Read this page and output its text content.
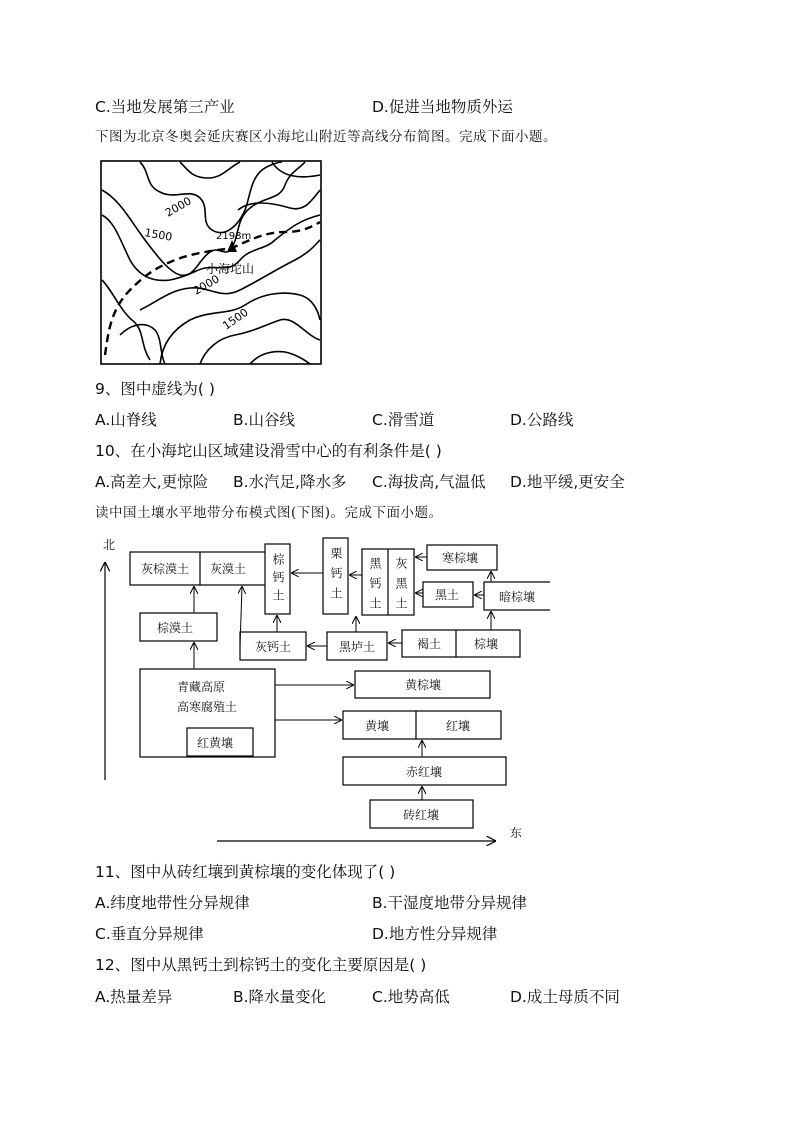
C.当地发展第三产业	D.促进当地物质外运
下图为北京冬奥会延庆赛区小海坨山附近等高线分布简图。完成下面小题。
2198m
小海坨山
2000
1500
2000
1500
9、图中虚线为( )
A.山脊线	B.山谷线	C.滑雪道	D.公路线
10、在小海坨山区域建设滑雪中心的有利条件是( )
A.高差大,更惊险 B.水汽足,降水多 C.海拔高,气温低 D.地平缓,更安全
读中国土壤水平地带分布模式图(下图)。完成下面小题。
北
东
灰棕漠土 灰漠土 棕钙土	栗钙土 黑钙土 灰黑土	寒棕壤
黑土	暗棕壤
棕漠土
灰钙土	黑垆土	褐土	棕壤
青藏高原
高寒腐殖土
红黄壤
黄棕壤
黄壤	红壤
赤红壤
砖红壤
11、图中从砖红壤到黄棕壤的变化体现了( )
A.纬度地带性分异规律	B.干湿度地带分异规律
C.垂直分异规律	D.地方性分异规律
12、图中从黑钙土到棕钙土的变化主要原因是( )
A.热量差异	B.降水量变化	C.地势高低	D.成土母质不同
